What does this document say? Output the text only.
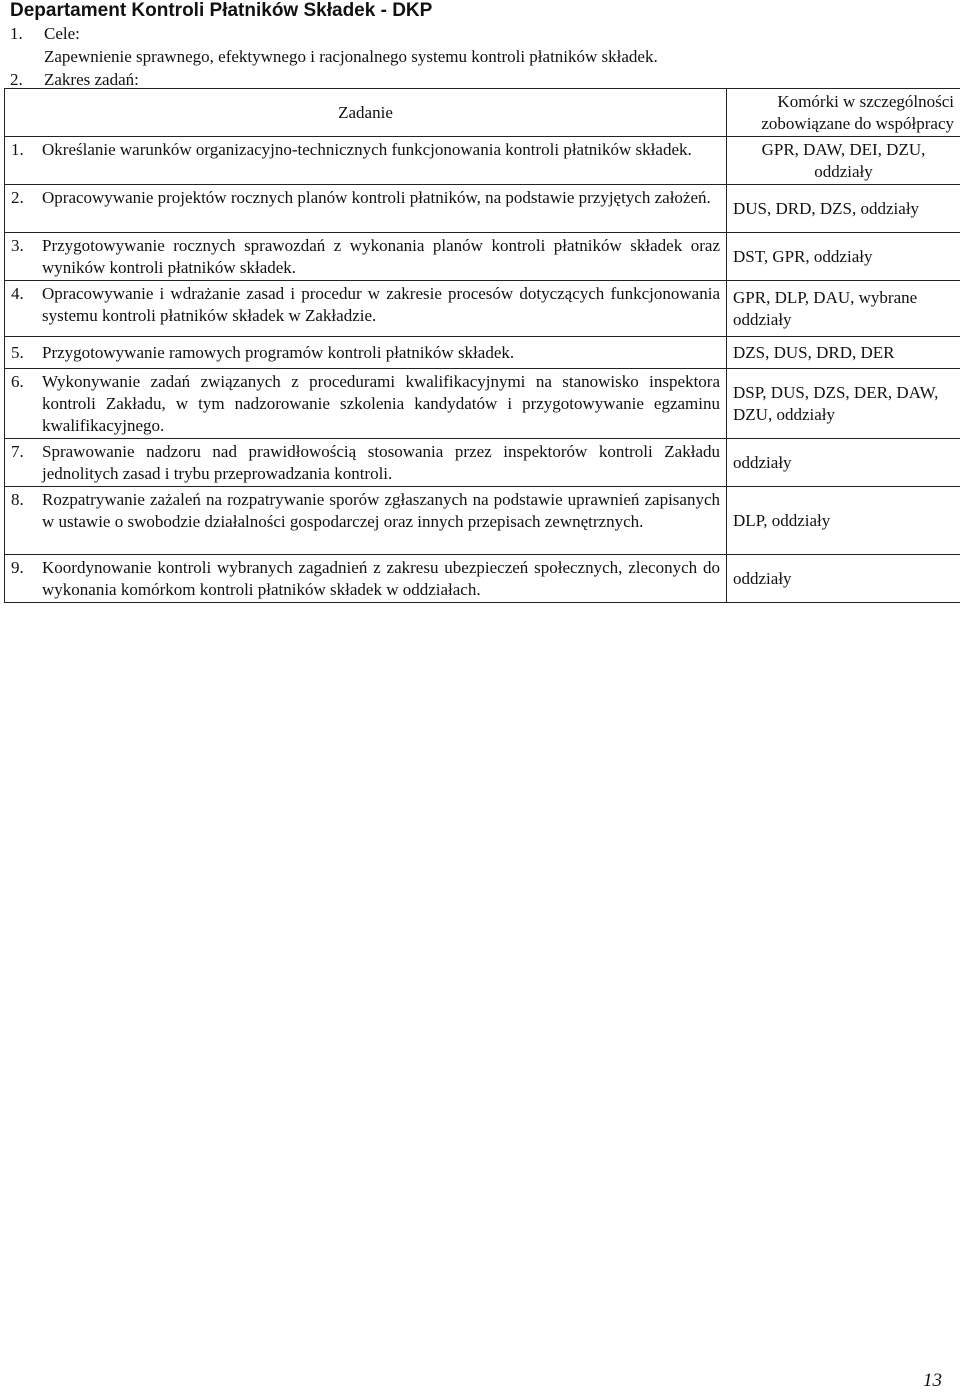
Departament Kontroli Płatników Składek - DKP
1. Cele:
Zapewnienie sprawnego, efektywnego i racjonalnego systemu kontroli płatników składek.
2. Zakres zadań:
Zadanie	Komórki w szczególności
zobowiązane do współpracy

1. Określanie warunków organizacyjno-technicznych funkcjonowania kontroli płatników składek.	GPR, DAW, DEI, DZU, oddziały

2. Opracowywanie projektów rocznych planów kontroli płatników, na podstawie przyjętych założeń.	DUS, DRD, DZS, oddziały

3. Przygotowywanie rocznych sprawozdań z wykonania planów kontroli płatników składek oraz wyników kontroli płatników składek.	DST, GPR, oddziały

4. Opracowywanie i wdrażanie zasad i procedur w zakresie procesów dotyczących funkcjonowania systemu kontroli płatników składek w Zakładzie.	GPR, DLP, DAU, wybrane oddziały
5. Przygotowywanie ramowych programów kontroli płatników składek.	DZS, DUS, DRD, DER

6. Wykonywanie zadań związanych z procedurami kwalifikacyjnymi na stanowisko inspektora kontroli Zakładu, w tym nadzorowanie szkolenia kandydatów i przygotowywanie egzaminu kwalifikacyjnego.	DSP, DUS, DZS, DER, DAW, DZU, oddziały

7. Sprawowanie nadzoru nad prawidłowością stosowania przez inspektorów kontroli Zakładu jednolitych zasad i trybu przeprowadzania kontroli.	oddziały

8. Rozpatrywanie zażaleń na rozpatrywanie sporów zgłaszanych na podstawie uprawnień zapisanych w ustawie o swobodzie działalności gospodarczej oraz innych przepisach zewnętrznych.	DLP, oddziały

9. Koordynowanie kontroli wybranych zagadnień z zakresu ubezpieczeń społecznych, zleconych do wykonania komórkom kontroli płatników składek w oddziałach.	oddziały
13
